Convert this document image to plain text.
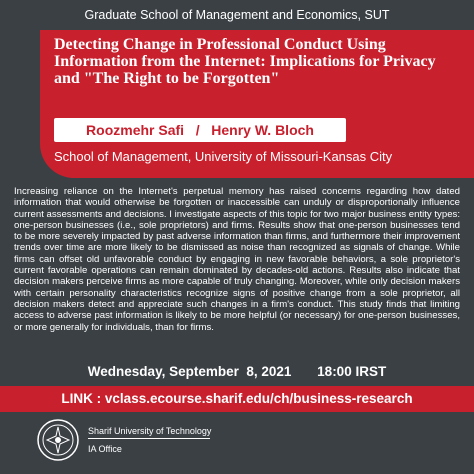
Graduate School of Management and Economics, SUT
Detecting Change in Professional Conduct Using Information from the Internet: Implications for Privacy and "The Right to be Forgotten"
Roozmehr Safi   /   Henry W. Bloch
School of Management, University of Missouri-Kansas City
Increasing reliance on the Internet's perpetual memory has raised concerns regarding how dated information that would otherwise be forgotten or inaccessible can unduly or disproportionally influence current assessments and decisions. I investigate aspects of this topic for two major business entity types: one-person businesses (i.e., sole proprietors) and firms. Results show that one-person businesses tend to be more severely impacted by past adverse information than firms, and furthermore their improvement trends over time are more likely to be dismissed as noise than recognized as signals of change. While firms can offset old unfavorable conduct by engaging in new favorable behaviors, a sole proprietor's current favorable operations can remain dominated by decades-old actions. Results also indicate that decision makers perceive firms as more capable of truly changing. Moreover, while only decision makers with certain personality characteristics recognize signs of positive change from a sole proprietor, all decision makers detect and appreciate such changes in a firm's conduct. This study finds that limiting access to adverse past information is likely to be more helpful (or necessary) for one-person businesses, or more generally for individuals, than for firms.
Wednesday, September  8, 2021 18:00 IRST
LINK : vclass.ecourse.sharif.edu/ch/business-research
Sharif University of Technology
IA Office
